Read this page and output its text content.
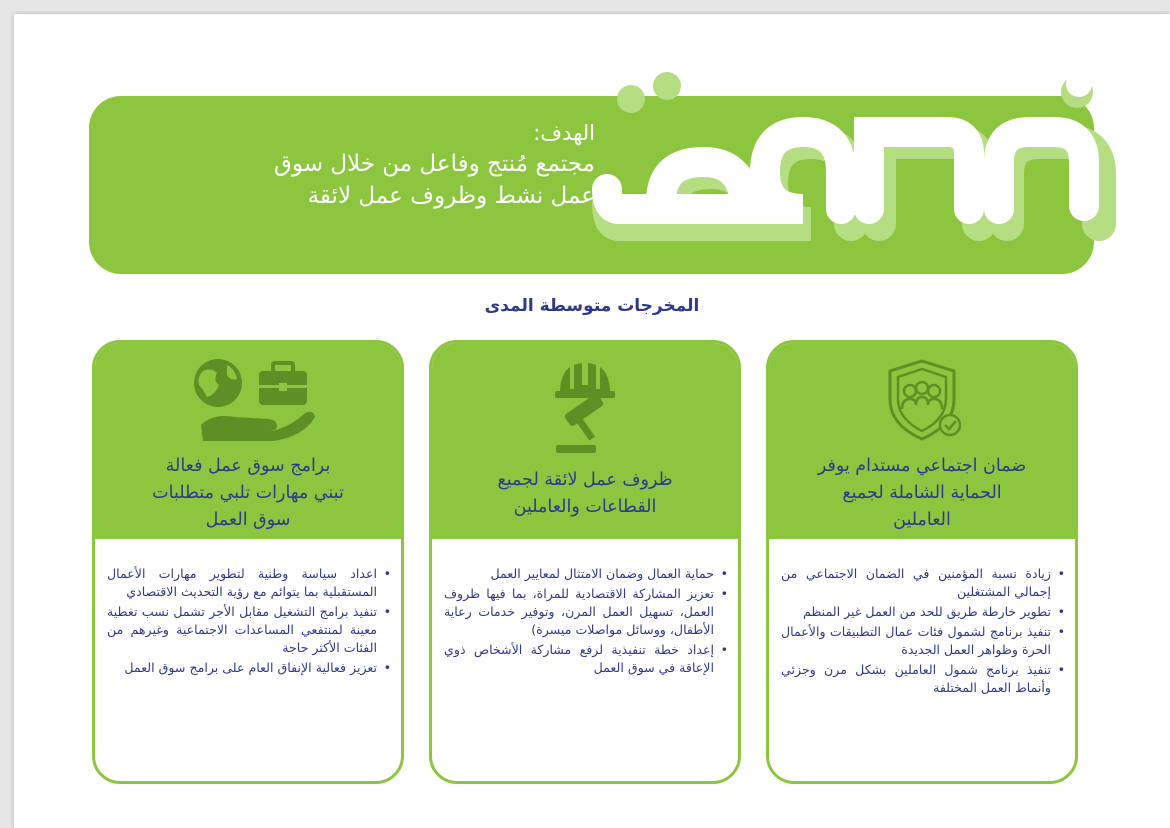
الهدف:
مجتمع مُنتج وفاعل من خلال سوق
عمل نشط وظروف عمل لائقة
المخرجات متوسطة المدى
ضمان اجتماعي مستدام يوفر
الحماية الشاملة لجميع
العاملين
• زيادة نسبة المؤمنين في الضمان الاجتماعي من إجمالي المشتغلين
• تطوير خارطة طريق للحد من العمل غير المنظم
• تنفيذ برنامج لشمول فئات عمال التطبيقات والأعمال الحرة وظواهر العمل الجديدة
• تنفيذ برنامج شمول العاملين بشكل مرن وجزئي وأنماط العمل المختلفة
ظروف عمل لائقة لجميع
القطاعات والعاملين
• حماية العمال وضمان الامتثال لمعايير العمل
• تعزيز المشاركة الاقتصادية للمراة، بما فيها ظروف العمل، تسهيل العمل المرن، وتوفير خدمات رعاية الأطفال، ووسائل مواصلات ميسرة)
• إعداد خطة تنفيذية لرفع مشاركة الأشخاص ذوي الإعاقة في سوق العمل
برامج سوق عمل فعالة
تبني مهارات تلبي متطلبات
سوق العمل
• اعداد سياسة وطنية لتطوير مهارات الأعمال المستقبلية بما يتوائم مع رؤية التحديث الاقتصادي
• تنفيذ برامج التشغيل مقابل الأجر تشمل نسب تغطية معينة لمنتفعي المساعدات الاجتماعية وغيرهم من الفئات الأكثر حاجة
• تعزيز فعالية الإنفاق العام على برامج سوق العمل
